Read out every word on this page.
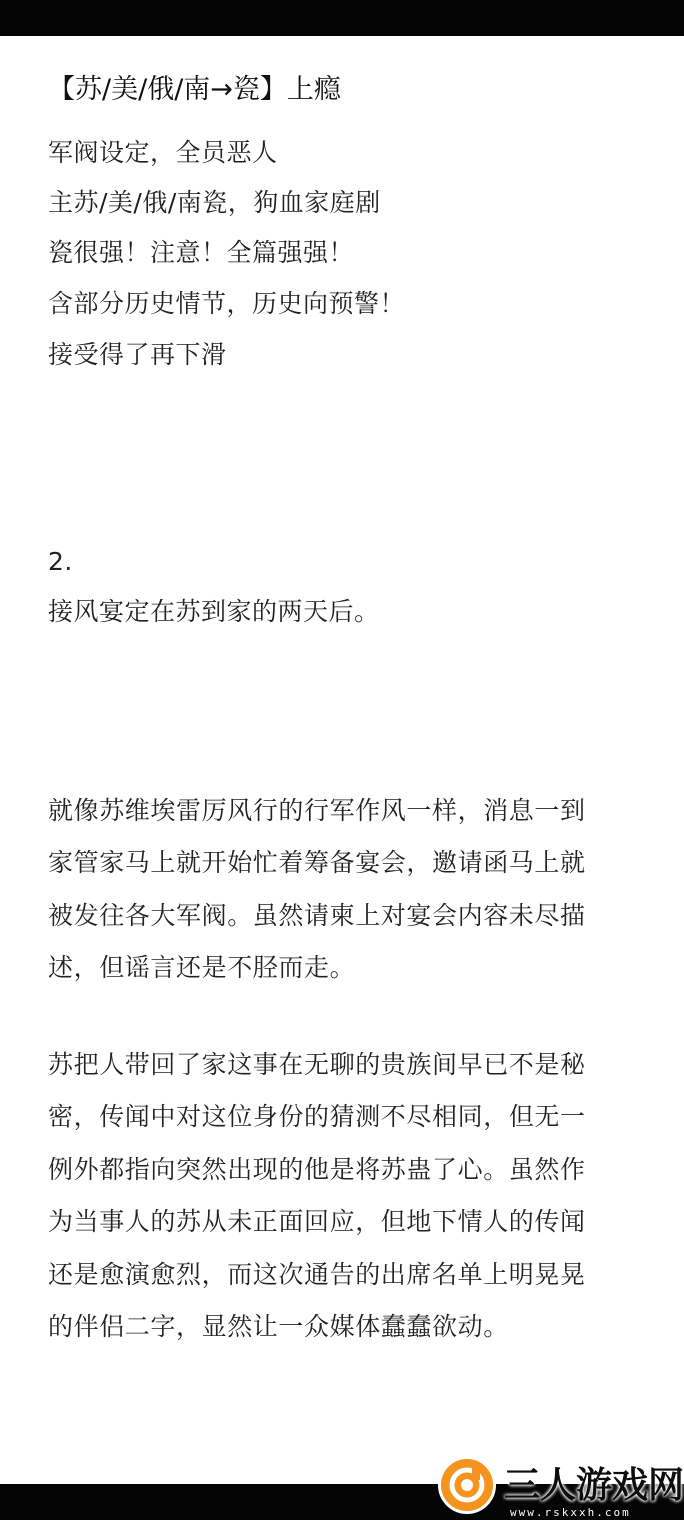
【苏/美/俄/南→瓷】上瘾

军阀设定，全员恶人

主苏/美/俄/南瓷，狗血家庭剧

瓷很强！注意！全篇强强！

含部分历史情节，历史向预警！

接受得了再下滑

2.

接风宴定在苏到家的两天后。

就像苏维埃雷厉风行的行军作风一样，消息一到
家管家马上就开始忙着筹备宴会，邀请函马上就
被发往各大军阀。虽然请柬上对宴会内容未尽描
述，但谣言还是不胫而走。
苏把人带回了家这事在无聊的贵族间早已不是秘
密，传闻中对这位身份的猜测不尽相同，但无一
例外都指向突然出现的他是将苏蛊了心。虽然作
为当事人的苏从未正面回应，但地下情人的传闻
还是愈演愈烈，而这次通告的出席名单上明晃晃
的伴侣二字，显然让一众媒体蠢蠢欲动。
三人游戏网
www.rskxxh.com
